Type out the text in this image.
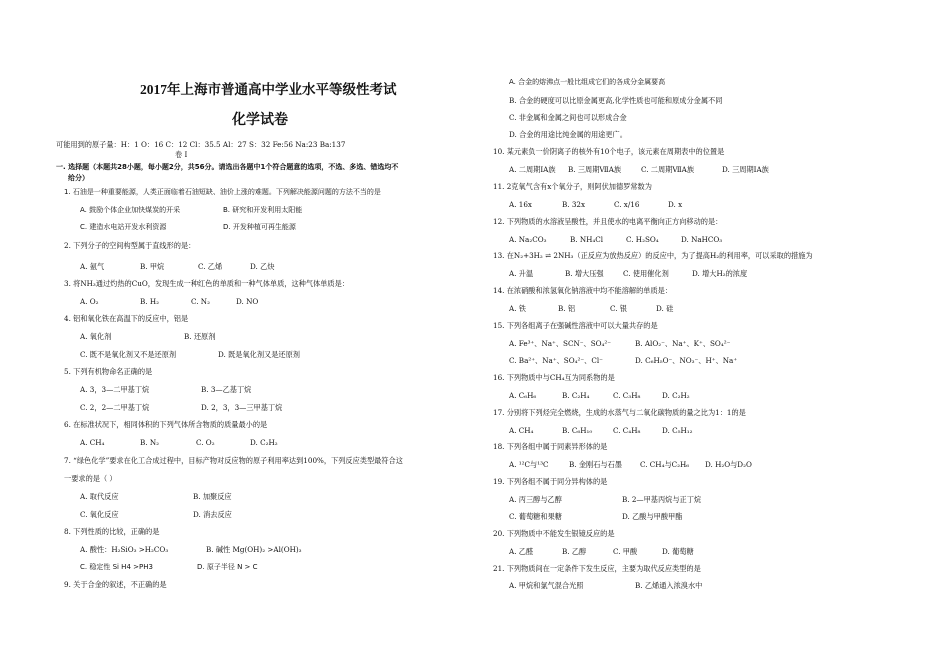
2017年上海市普通高中学业水平等级性考试
化学试卷
可能用到的原子量：H：1 O：16 C：12 Cl：35.5 Al：27 S：32 Fe:56 Na:23 Ba:137
卷 Ⅰ
一. 选择题（本题共28小题，每小题2分，共56分。请选出各题中1个符合题意的选项，不选、多选、错选均不
给分）
1. 石油是一种重要能源，人类正面临着石油短缺、油价上涨的难题。下列解决能源问题的方法不当的是
A. 鼓励个体企业加快煤炭的开采	B. 研究和开发利用太阳能
C. 建造水电站开发水利资源	D. 开发种植可再生能源
2. 下列分子的空间构型属于直线形的是：
A. 氨气	B. 甲烷	C. 乙烯	D. 乙炔
3. 将NH₃通过灼热的CuO，发现生成一种红色的单质和一种气体单质，这种气体单质是：
A. O₂	B. H₂	C. N₂	D. NO
4. 铝和氧化铁在高温下的反应中，铝是
A. 氧化剂	B. 还原剂
C. 既不是氧化剂又不是还原剂	D. 既是氧化剂又是还原剂
5. 下列有机物命名正确的是
A. 3，3—二甲基丁烷	B. 3—乙基丁烷
C. 2，2—二甲基丁烷	D. 2，3，3—三甲基丁烷
6. 在标准状况下，相同体积的下列气体所含物质的质量最小的是
A. CH₄	B. N₂	C. O₂	D. C₂H₂
7. “绿色化学”要求在化工合成过程中，目标产物对反应物的原子利用率达到100%，下列反应类型最符合这
一要求的是（ ）
A. 取代反应	B. 加聚反应
C. 氧化反应	D. 消去反应
8. 下列性质的比较，正确的是
A. 酸性：H₂SiO₃ >H₂CO₃	B. 碱性 Mg(OH)₂ >Al(OH)₃
C. 稳定性 Si H4 >PH3	D. 原子半径 N > C
9. 关于合金的叙述，不正确的是
A. 合金的熔沸点一般比组成它们的各成分金属要高
B. 合金的硬度可以比原金属更高,化学性质也可能和原成分金属不同
C. 非金属和金属之间也可以形成合金
D. 合金的用途比纯金属的用途更广。
10. 某元素负一价阴离子的核外有10个电子，该元素在周期表中的位置是
A. 二周期ⅠA族 B. 三周期ⅦA族	C. 二周期ⅦA族	D. 三周期ⅠA族
11. 2克氧气含有x个氧分子，则阿伏加德罗常数为
A. 16x	B. 32x	C. x/16	D. x
12. 下列物质的水溶液呈酸性，并且使水的电离平衡向正方向移动的是：
A. Na₂CO₃	B. NH₄Cl	C. H₂SO₄	D. NaHCO₃
13. 在N₂+3H₂ ⇌ 2NH₃（正反应为放热反应）的反应中，为了提高H₂的利用率，可以采取的措施为
A. 升温	B. 增大压强	C. 使用催化剂	D. 增大H₂的浓度
14. 在浓硝酸和浓氢氧化钠溶液中均不能溶解的单质是：
A. 铁	B. 铝	C. 银	D. 硅
15. 下列各组离子在强碱性溶液中可以大量共存的是
A. Fe³⁺、Na⁺、SCN⁻、SO₄²⁻	B. AlO₂⁻、Na⁺、K⁺、SO₄²⁻
C. Ba²⁺、Na⁺、SO₄²⁻、Cl⁻	D. C₆H₅O⁻、NO₃⁻、H⁺、Na⁺
16. 下列物质中与CH₄互为同系物的是
A. C₆H₆	B. C₂H₄	C. C₃H₈	D. C₂H₂
17. 分别将下列烃完全燃烧，生成的水蒸气与二氧化碳物质的量之比为1：1的是
A. CH₄	B. C₆H₁₀	C. C₄H₈	D. C₅H₁₂
18. 下列各组中属于同素异形体的是
A. ¹²C与¹³C	B. 金刚石与石墨	C. CH₄与C₂H₆ D. H₂O与D₂O
19. 下列各组不属于同分异构体的是
A. 丙三醇与乙醇	B. 2—甲基丙烷与正丁烷
C. 葡萄糖和果糖	D. 乙酸与甲酸甲酯
20. 下列物质中不能发生银镜反应的是
A. 乙醛	B. 乙醇	C. 甲酸	D. 葡萄糖
21. 下列物质间在一定条件下发生反应，主要为取代反应类型的是
A. 甲烷和氯气混合光照	B. 乙烯通入浓溴水中
